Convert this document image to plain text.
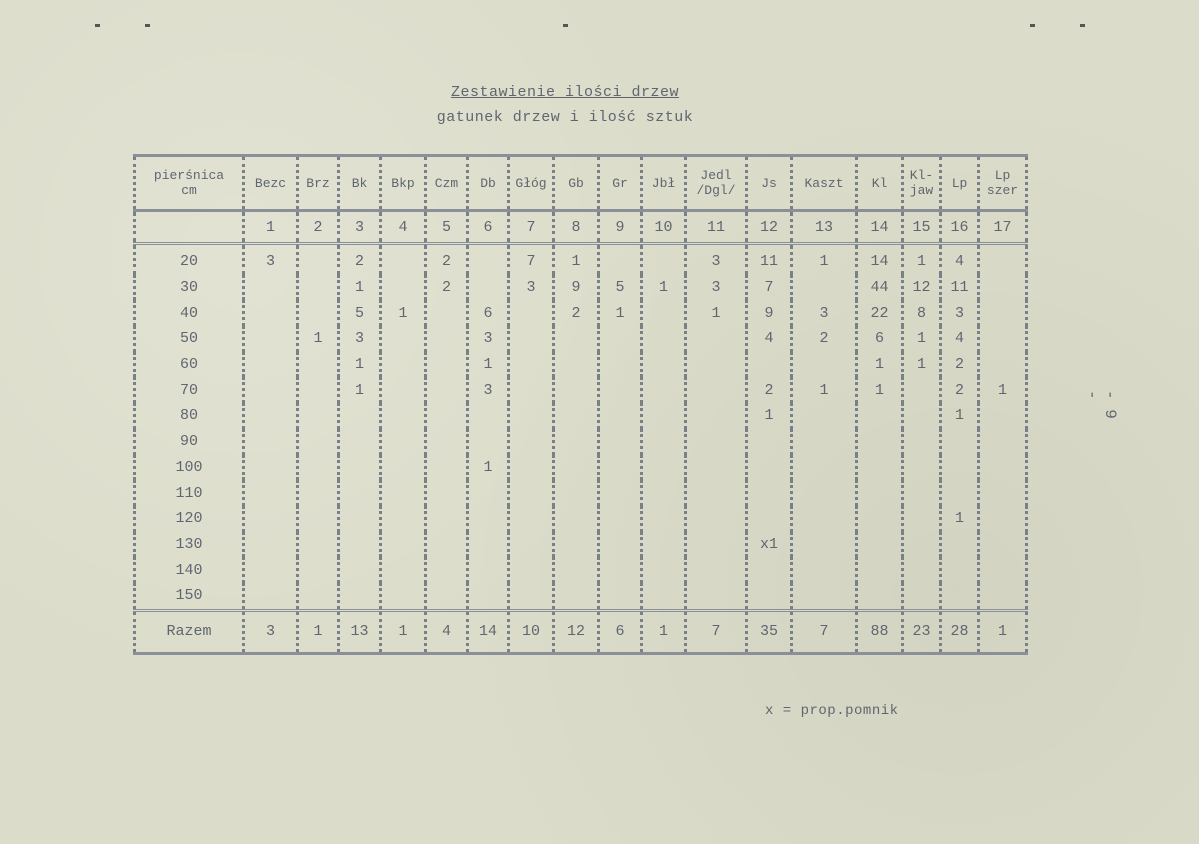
Zestawienie ilości drzew
gatunek drzew i ilość sztuk
pierśnica
cm	Bezc	Brz	Bk	Bkp	Czm	Db	Głóg	Gb	Gr	Jbł	Jedl /Dgl/	Js	Kaszt	Kl	Kl- jaw	Lp	Lp szer
	1	2	3	4	5	6	7	8	9	10	11	12	13	14	15	16	17
20	3		2		2		7	1			3	11	1	14	1	4	
30			1		2		3	9	5	1	3	7		44	12	11	
40			5	1		6		2	1		1	9	3	22	8	3	
50		1	3			3						4	2	6	1	4	
60			1			1								1	1	2	
70			1			3						2	1	1		2	1
80												1				1	
90																	
100						1											
110																	
120																1	
130												x1					
140																	
150																	
Razem	3	1	13	1	4	14	10	12	6	1	7	35	7	88	23	28	1
x = prop.pomnik
- 9 -
